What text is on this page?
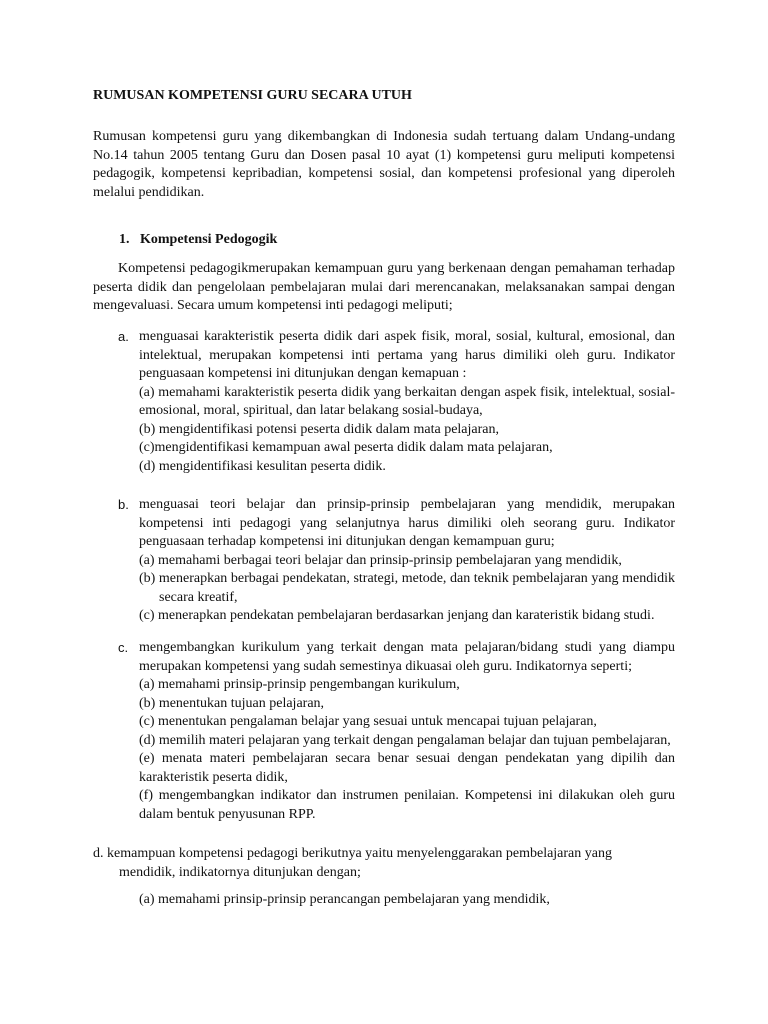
RUMUSAN KOMPETENSI GURU SECARA UTUH
Rumusan kompetensi guru yang dikembangkan di Indonesia sudah tertuang dalam Undang-undang No.14 tahun 2005 tentang Guru dan Dosen pasal 10 ayat (1) kompetensi guru meliputi kompetensi pedagogik, kompetensi kepribadian, kompetensi sosial, dan kompetensi profesional yang diperoleh melalui pendidikan.
1. Kompetensi Pedogogik
Kompetensi pedagogikmerupakan kemampuan guru yang berkenaan dengan pemahaman terhadap peserta didik dan pengelolaan pembelajaran mulai dari merencanakan, melaksanakan sampai dengan mengevaluasi. Secara umum kompetensi inti pedagogi meliputi;
a. menguasai karakteristik peserta didik dari aspek fisik, moral, sosial, kultural, emosional, dan intelektual, merupakan kompetensi inti pertama yang harus dimiliki oleh guru. Indikator penguasaan kompetensi ini ditunjukan dengan kemapuan :
(a) memahami karakteristik peserta didik yang berkaitan dengan aspek fisik, intelektual, sosial-emosional, moral, spiritual, dan latar belakang sosial-budaya,
(b) mengidentifikasi potensi peserta didik dalam mata pelajaran,
(c)mengidentifikasi kemampuan awal peserta didik dalam mata pelajaran,
(d) mengidentifikasi kesulitan peserta didik.
b. menguasai teori belajar dan prinsip-prinsip pembelajaran yang mendidik, merupakan kompetensi inti pedagogi yang selanjutnya harus dimiliki oleh seorang guru. Indikator penguasaan terhadap kompetensi ini ditunjukan dengan kemampuan guru;
(a) memahami berbagai teori belajar dan prinsip-prinsip pembelajaran yang mendidik,
(b) menerapkan berbagai pendekatan, strategi, metode, dan teknik pembelajaran yang mendidik secara kreatif,
(c) menerapkan pendekatan pembelajaran berdasarkan jenjang dan karateristik bidang studi.
c. mengembangkan kurikulum yang terkait dengan mata pelajaran/bidang studi yang diampu merupakan kompetensi yang sudah semestinya dikuasai oleh guru. Indikatornya seperti;
(a) memahami prinsip-prinsip pengembangan kurikulum,
(b) menentukan tujuan pelajaran,
(c) menentukan pengalaman belajar yang sesuai untuk mencapai tujuan pelajaran,
(d) memilih materi pelajaran yang terkait dengan pengalaman belajar dan tujuan pembelajaran,
(e) menata materi pembelajaran secara benar sesuai dengan pendekatan yang dipilih dan karakteristik peserta didik,
(f) mengembangkan indikator dan instrumen penilaian. Kompetensi ini dilakukan oleh guru dalam bentuk penyusunan RPP.
d. kemampuan kompetensi pedagogi berikutnya yaitu menyelenggarakan pembelajaran yang
mendidik, indikatornya ditunjukan dengan;
(a) memahami prinsip-prinsip perancangan pembelajaran yang mendidik,
